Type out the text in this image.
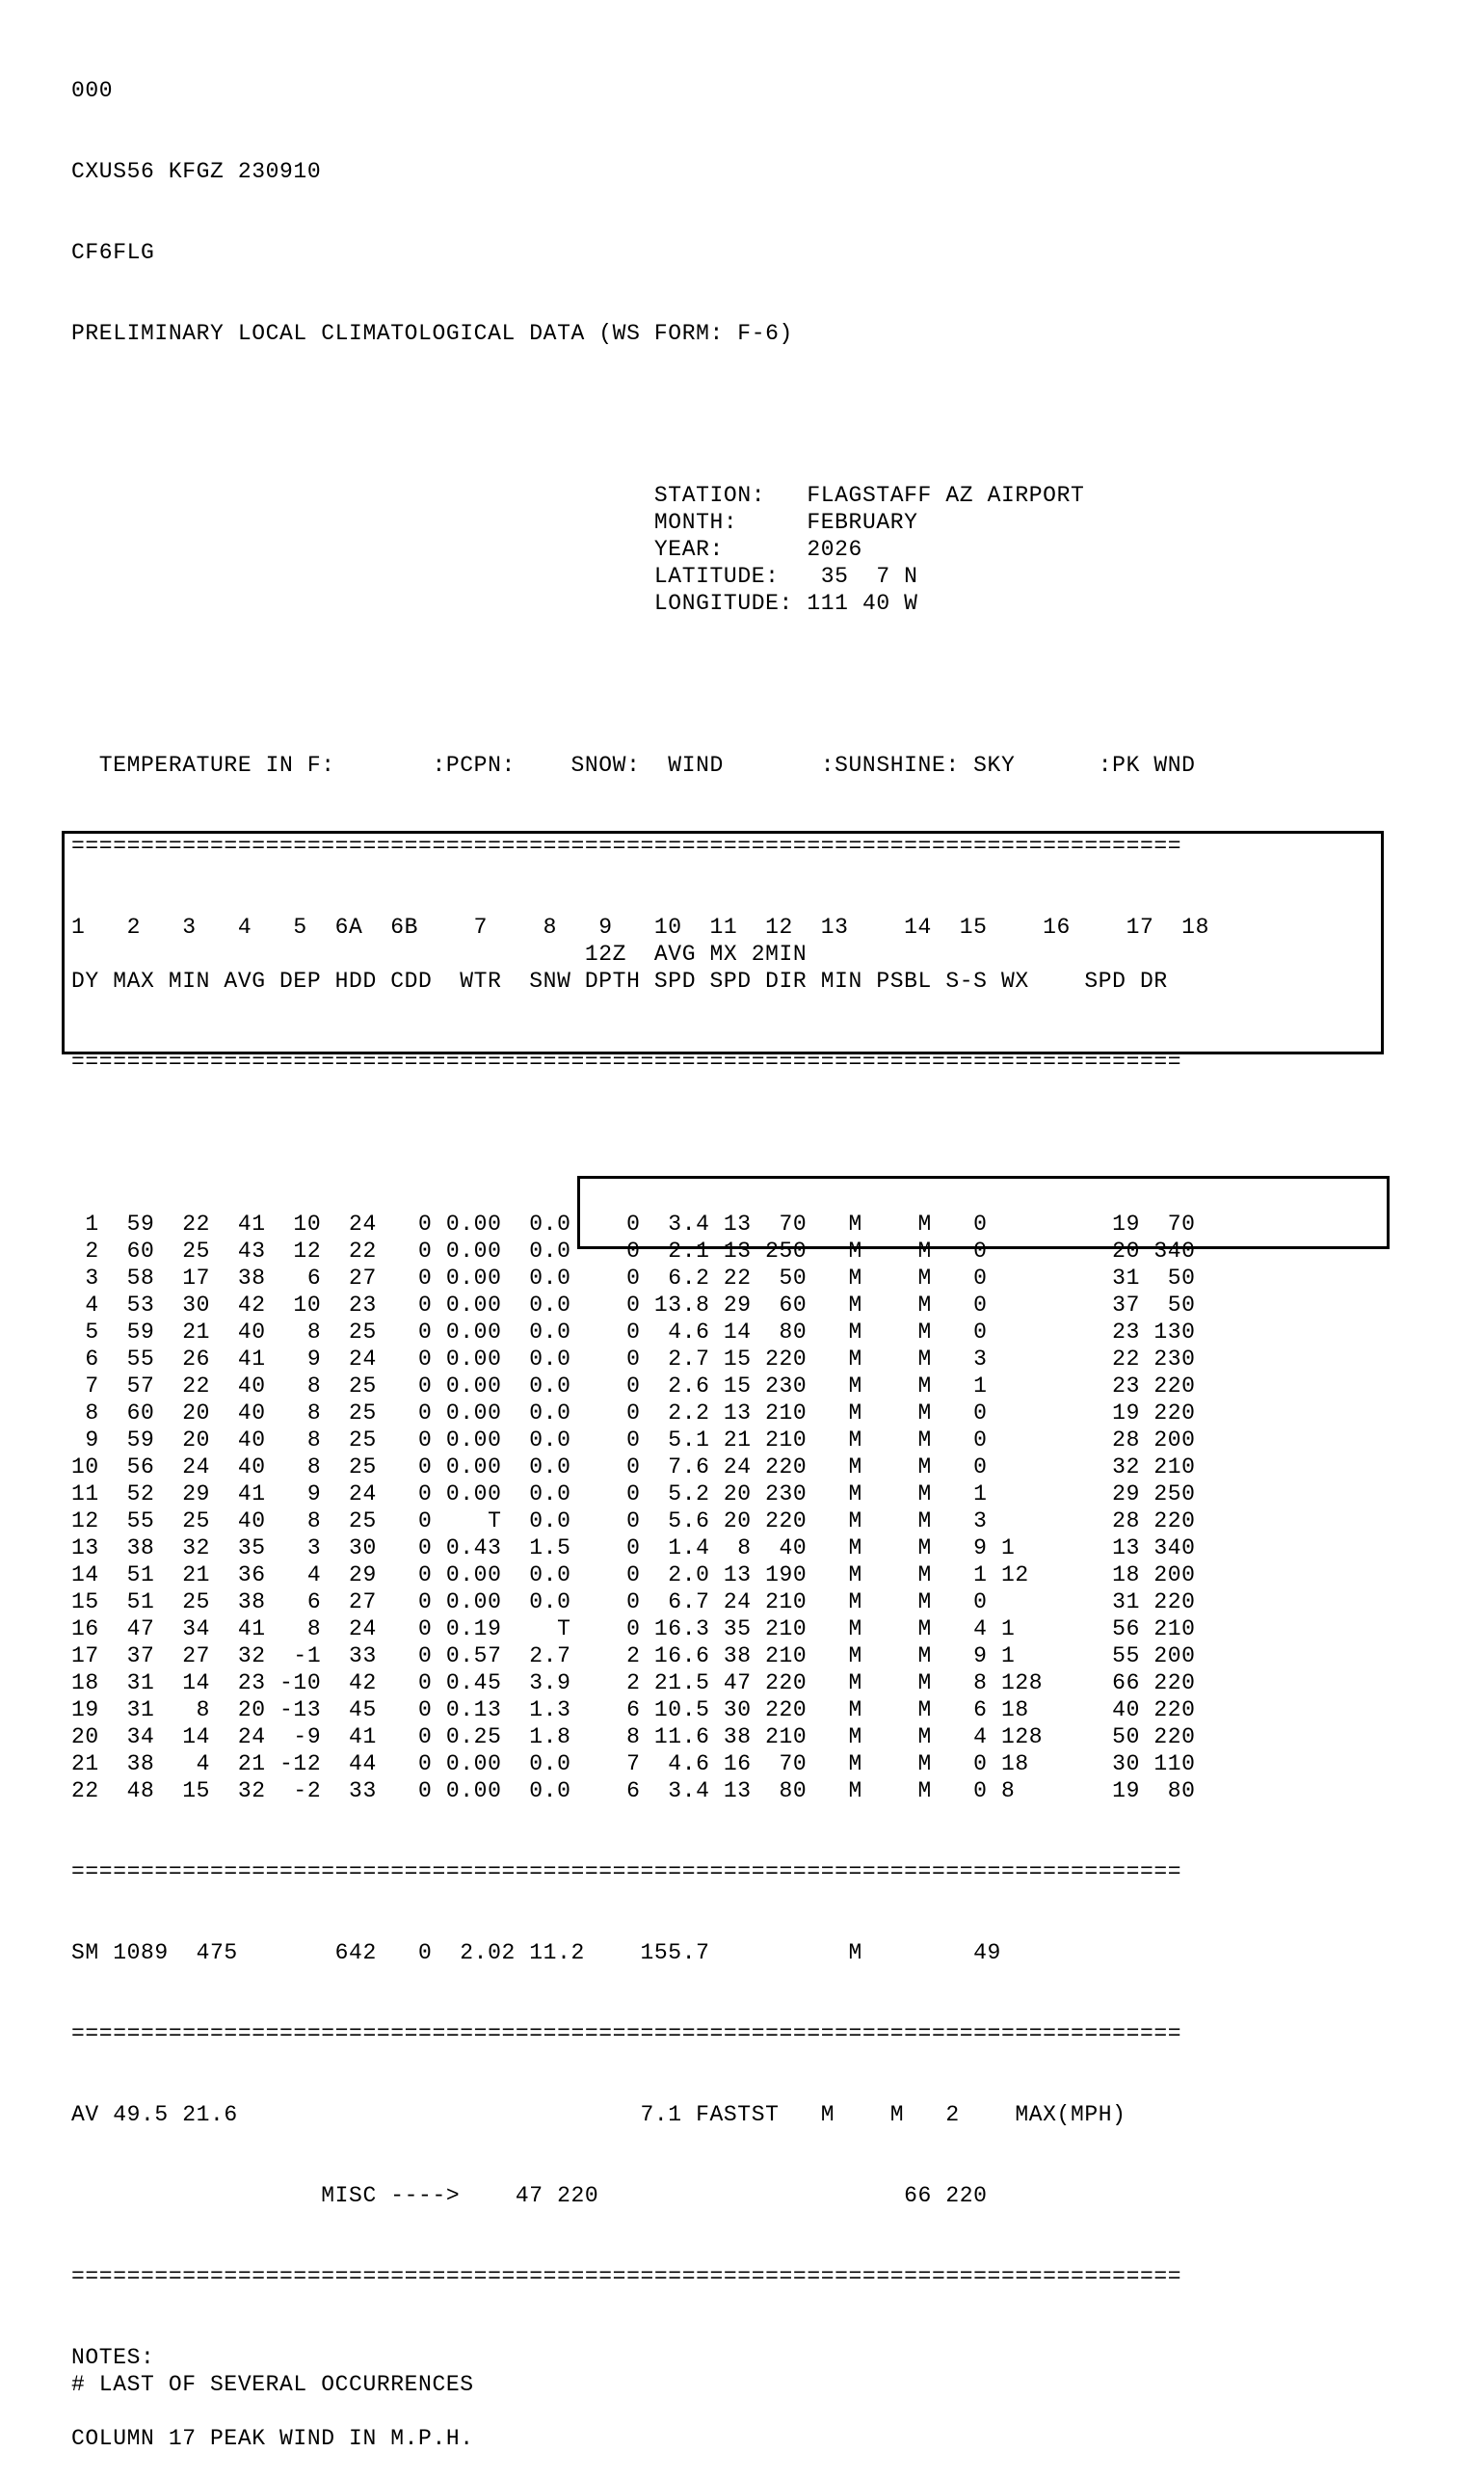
000

CXUS56 KFGZ 230910

CF6FLG

PRELIMINARY LOCAL CLIMATOLOGICAL DATA (WS FORM: F-6)

STATION:   FLAGSTAFF AZ AIRPORT
MONTH:     FEBRUARY
YEAR:      2026
LATITUDE:   35  7 N
LONGITUDE: 111 40 W

TEMPERATURE IN F:       :PCPN:    SNOW:  WIND       :SUNSHINE: SKY      :PK WND

================================================================================

1   2   3   4   5  6A  6B    7    8   9   10  11  12  13    14  15    16    17  18
12Z  AVG MX 2MIN
DY MAX MIN AVG DEP HDD CDD  WTR  SNW DPTH SPD SPD DIR MIN PSBL S-S WX    SPD DR

================================================================================

1  59  22  41  10  24   0 0.00  0.0    0  3.4 13  70   M    M   0         19  70
2  60  25  43  12  22   0 0.00  0.0    0  2.1 13 250   M    M   0         20 340
3  58  17  38   6  27   0 0.00  0.0    0  6.2 22  50   M    M   0         31  50
4  53  30  42  10  23   0 0.00  0.0    0 13.8 29  60   M    M   0         37  50
5  59  21  40   8  25   0 0.00  0.0    0  4.6 14  80   M    M   0         23 130
6  55  26  41   9  24   0 0.00  0.0    0  2.7 15 220   M    M   3         22 230
7  57  22  40   8  25   0 0.00  0.0    0  2.6 15 230   M    M   1         23 220
8  60  20  40   8  25   0 0.00  0.0    0  2.2 13 210   M    M   0         19 220
9  59  20  40   8  25   0 0.00  0.0    0  5.1 21 210   M    M   0         28 200
10  56  24  40   8  25   0 0.00  0.0    0  7.6 24 220   M    M   0         32 210
11  52  29  41   9  24   0 0.00  0.0    0  5.2 20 230   M    M   1         29 250
12  55  25  40   8  25   0    T  0.0    0  5.6 20 220   M    M   3         28 220
13  38  32  35   3  30   0 0.43  1.5    0  1.4  8  40   M    M   9 1       13 340
14  51  21  36   4  29   0 0.00  0.0    0  2.0 13 190   M    M   1 12      18 200
15  51  25  38   6  27   0 0.00  0.0    0  6.7 24 210   M    M   0         31 220
16  47  34  41   8  24   0 0.19    T    0 16.3 35 210   M    M   4 1       56 210
17  37  27  32  -1  33   0 0.57  2.7    2 16.6 38 210   M    M   9 1       55 200
18  31  14  23 -10  42   0 0.45  3.9    2 21.5 47 220   M    M   8 128     66 220
19  31   8  20 -13  45   0 0.13  1.3    6 10.5 30 220   M    M   6 18      40 220
20  34  14  24  -9  41   0 0.25  1.8    8 11.6 38 210   M    M   4 128     50 220
21  38   4  21 -12  44   0 0.00  0.0    7  4.6 16  70   M    M   0 18      30 110
22  48  15  32  -2  33   0 0.00  0.0    6  3.4 13  80   M    M   0 8       19  80

================================================================================

SM 1089  475       642   0  2.02 11.2    155.7          M        49

================================================================================

AV 49.5 21.6                             7.1 FASTST   M    M   2    MAX(MPH)

MISC ---->    47 220                      66 220

================================================================================

NOTES:
# LAST OF SEVERAL OCCURRENCES
COLUMN 17 PEAK WIND IN M.P.H.
